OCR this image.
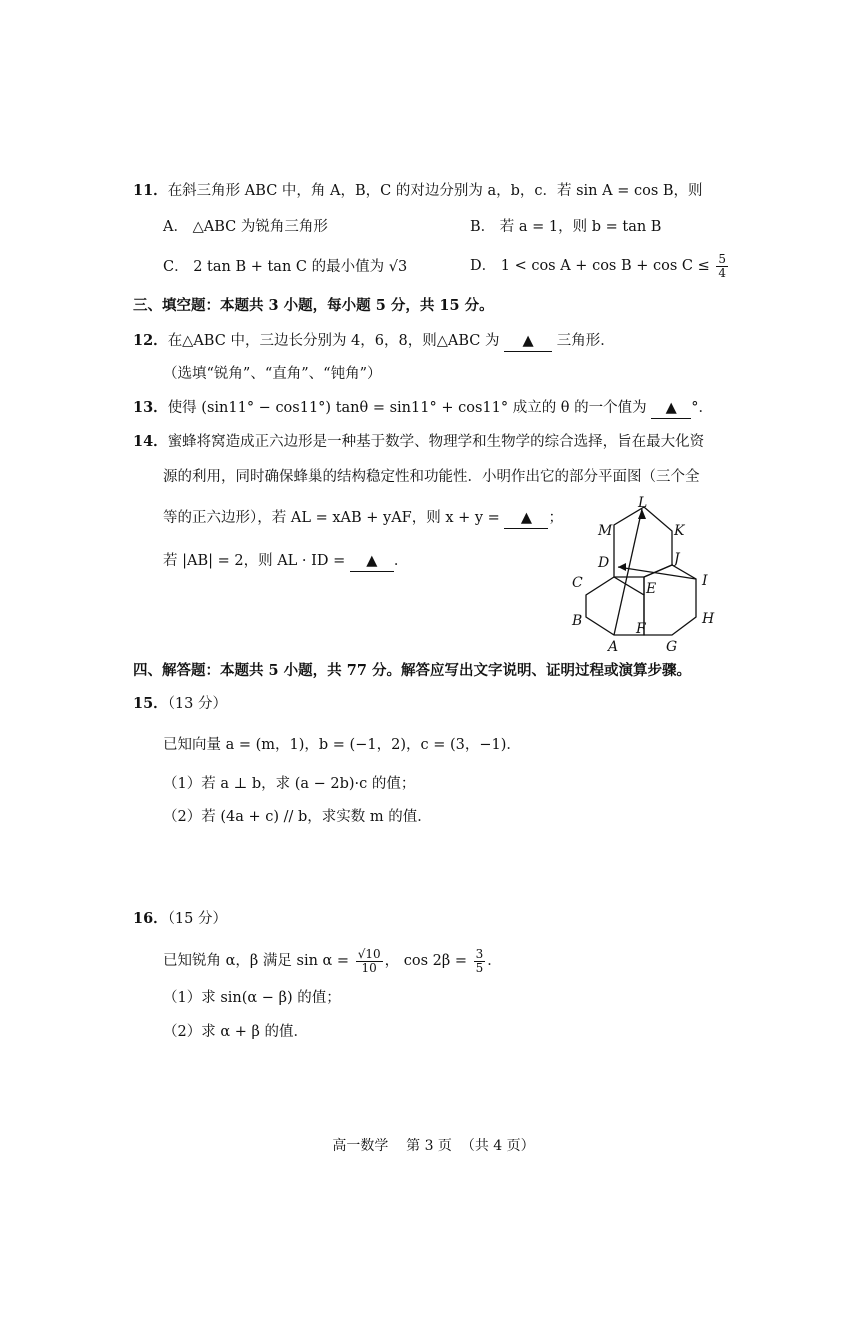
11．在斜三角形 ABC 中，角 A，B，C 的对边分别为 a，b，c．若 sin A = cos B，则
A． △ABC 为锐角三角形	B． 若 a = 1，则 b = tan B
C． 2 tan B + tan C 的最小值为 √3	D． $1 < \cos A + \cos B + \cos C \le \frac{5}{4}$
三、填空题：本题共 3 小题，每小题 5 分，共 15 分。
12．在△ABC 中，三边长分别为 4，6，8，则△ABC 为 ▲ 三角形．
（选填“锐角”、“直角”、“钝角”）
13．使得 (sin11° − cos11°) tanθ = sin11° + cos11° 成立的 θ 的一个值为 ▲ °．
14．蜜蜂将窝造成正六边形是一种基于数学、物理学和生物学的综合选择，旨在最大化资
源的利用，同时确保蜂巢的结构稳定性和功能性．小明作出它的部分平面图（三个全
等的正六边形），若 AL = xAB + yAF，则 x + y = ▲ ；
若 |AB| = 2，则 AL · ID = ▲ ．
L
M	K
D	J
C	E	I
B	F
H
A	G
四、解答题：本题共 5 小题，共 77 分。解答应写出文字说明、证明过程或演算步骤。
15．（13 分）
已知向量 a = (m，1)，b = (−1，2)，c = (3，−1)．
（1）若 a ⊥ b，求 (a − 2b)·c 的值；
（2）若 (4a + c) // b，求实数 m 的值．
16．（15 分）
已知锐角 α，β 满足 $\sin \alpha = \frac{√10}{10}$ ， $\cos 2\beta = \frac{3}{5}$ ．
（1）求 sin(α − β) 的值；
（2）求 α + β 的值．
高一数学    第 3 页  （共 4 页）
